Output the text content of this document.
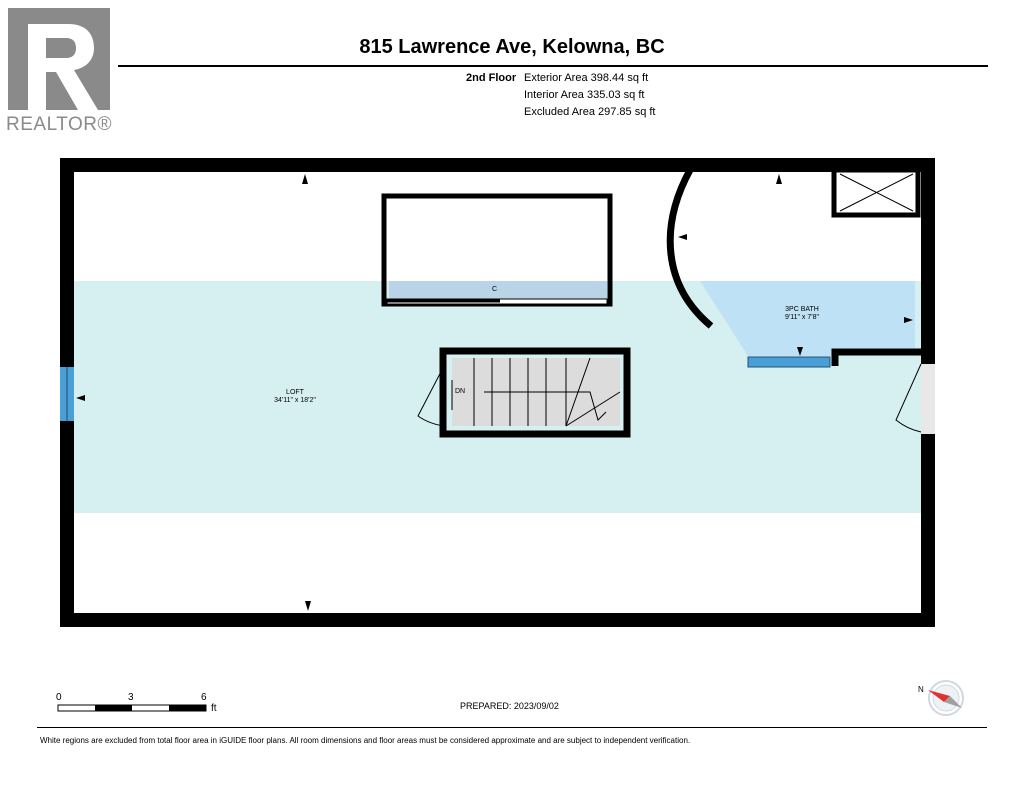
REALTOR®
815 Lawrence Ave, Kelowna, BC
2nd Floor Exterior Area 398.44 sq ft
Interior Area 335.03 sq ft
Excluded Area 297.85 sq ft
LOFT
34'11" x 18'2"
3PC BATH
9'11" x 7'8"
DN
C
0	3	6
ft
N
PREPARED: 2023/09/02
White regions are excluded from total floor area in iGUIDE floor plans. All room dimensions and floor areas must be considered approximate and are subject to independent verification.
